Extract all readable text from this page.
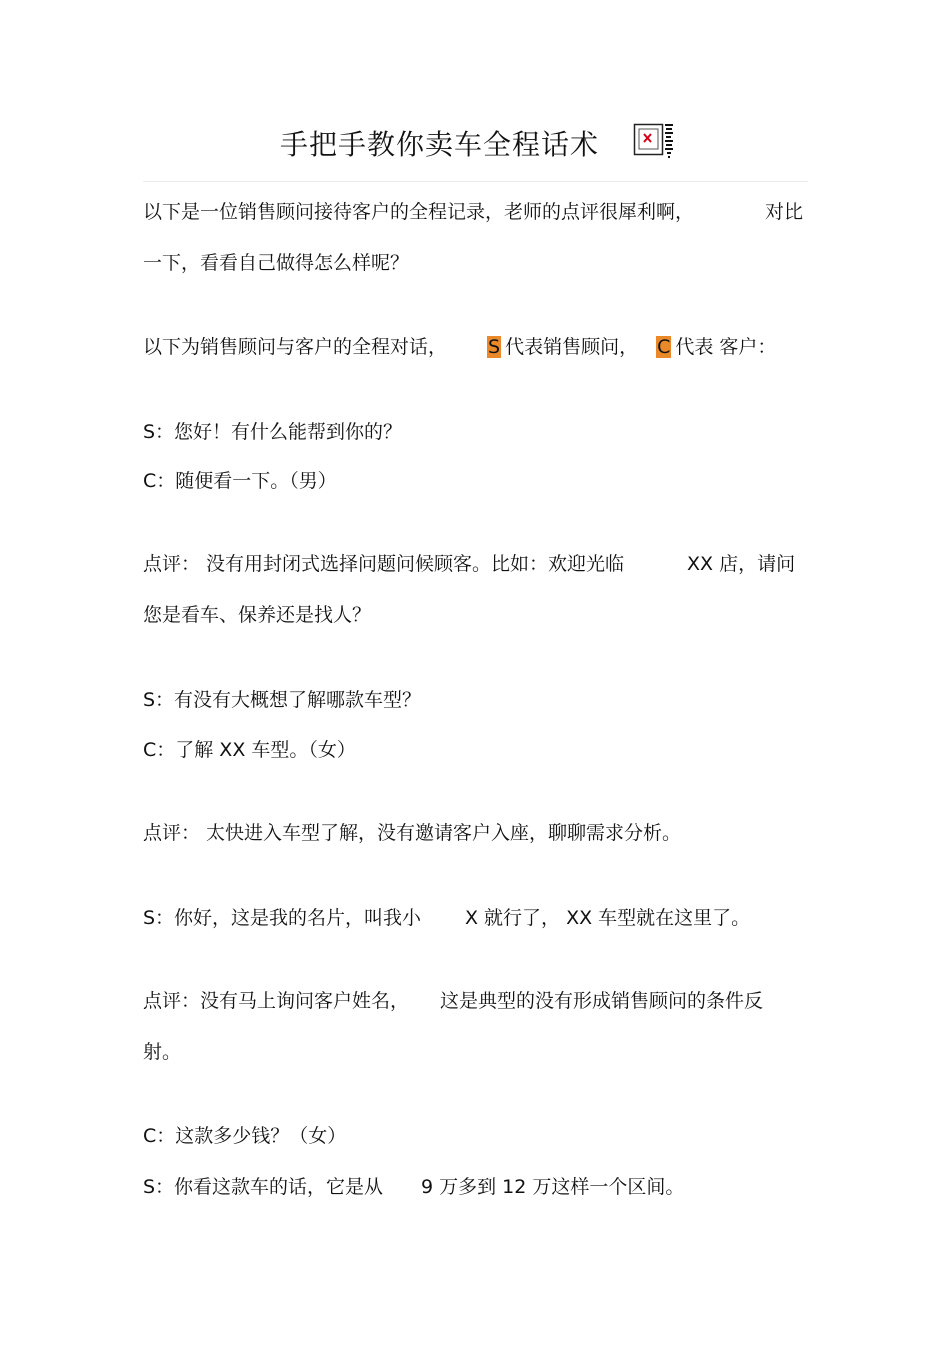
手把手教你卖车全程话术
以下是一位销售顾问接待客户的全程记录，老师的点评很犀利啊，	对比
一下，看看自己做得怎么样呢？
以下为销售顾问与客户的全程对话， S 代表销售顾问， C 代表 客户：
S：您好！有什么能帮到你的？
C：随便看一下。（男）
点评： 没有用封闭式选择问题问候顾客。比如：欢迎光临	XX 店，请问
您是看车、保养还是找人？
S：有没有大概想了解哪款车型？
C：了解 XX 车型。（女）
点评： 太快进入车型了解，没有邀请客户入座，聊聊需求分析。
S：你好，这是我的名片，叫我小 X 就行了， XX 车型就在这里了。
点评：没有马上询问客户姓名， 这是典型的没有形成销售顾问的条件反
射。
C：这款多少钱？（女）
S：你看这款车的话，它是从 9 万多到 12 万这样一个区间。
